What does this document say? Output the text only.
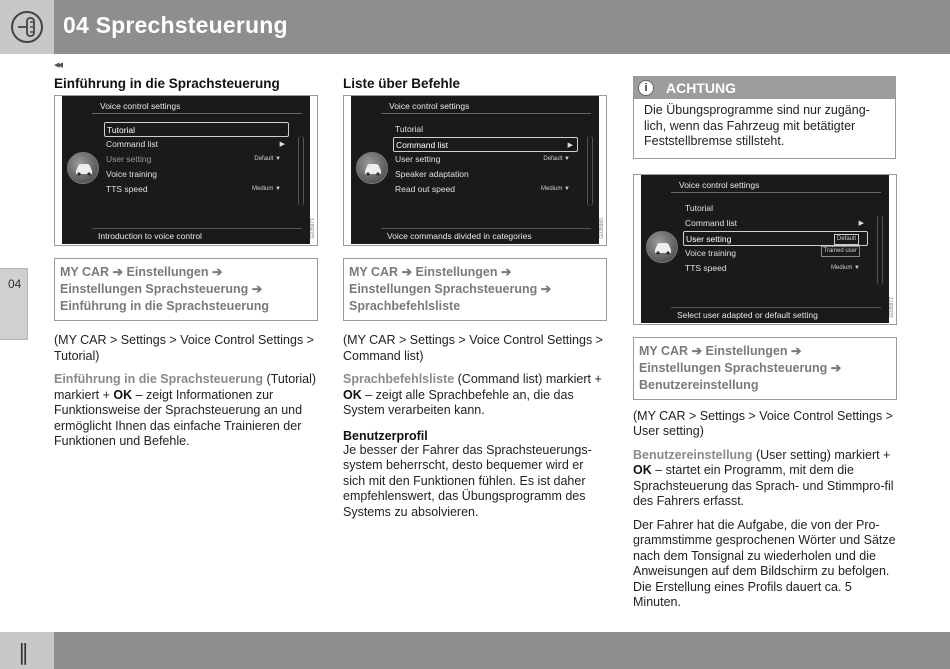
04 Sprechsteuerung
◂◂
04
Einführung in die Sprachsteuerung
Voice control settings
Tutorial
Command list	▶
User setting	Default ▼
Voice training
TTS speed	Medium ▼
Introduction to voice control	G035971
MY CAR ➔ Einstellungen ➔
Einstellungen Sprachsteuerung ➔
Einführung in die Sprachsteuerung
(MY CAR > Settings > Voice Control Settings > Tutorial)
Einführung in die Sprachsteuerung (Tutorial) markiert + OK – zeigt Informationen zur Funktionsweise der Sprachsteuerung an und ermöglicht Ihnen das einfache Trainieren der Funktionen und Befehle.
Liste über Befehle
Voice control settings
Tutorial
Command list	▶
User setting	Default ▼
Speaker adaptation
Read out speed	Medium ▼
Voice commands divided in categories	G035980
MY CAR ➔ Einstellungen ➔
Einstellungen Sprachsteuerung ➔
Sprachbefehlsliste
(MY CAR > Settings > Voice Control Settings > Command list)
Sprachbefehlsliste (Command list) markiert + OK – zeigt alle Sprachbefehle an, die das System verarbeiten kann.
Benutzerprofil
Je besser der Fahrer das Sprachsteuerungs-system beherrscht, desto bequemer wird er sich mit den Funktionen fühlen. Es ist daher empfehlenswert, das Übungsprogramm des Systems zu absolvieren.
i	ACHTUNG
Die Übungsprogramme sind nur zugäng-lich, wenn das Fahrzeug mit betätigter Feststellbremse stillsteht.
Voice control settings
Tutorial
Command list	▶
User setting	Default
Voice training	Trained user
TTS speed	Medium ▼
Select user adapted or default setting	G035972
MY CAR ➔ Einstellungen ➔
Einstellungen Sprachsteuerung ➔
Benutzereinstellung
(MY CAR > Settings > Voice Control Settings > User setting)
Benutzereinstellung (User setting) markiert + OK – startet ein Programm, mit dem die Sprachsteuerung das Sprach- und Stimmpro-fil des Fahrers erfasst.
Der Fahrer hat die Aufgabe, die von der Pro-grammstimme gesprochenen Wörter und Sätze nach dem Tonsignal zu wiederholen und die Anweisungen auf dem Bildschirm zu befolgen. Die Erstellung eines Profils dauert ca. 5 Minuten.
∥
